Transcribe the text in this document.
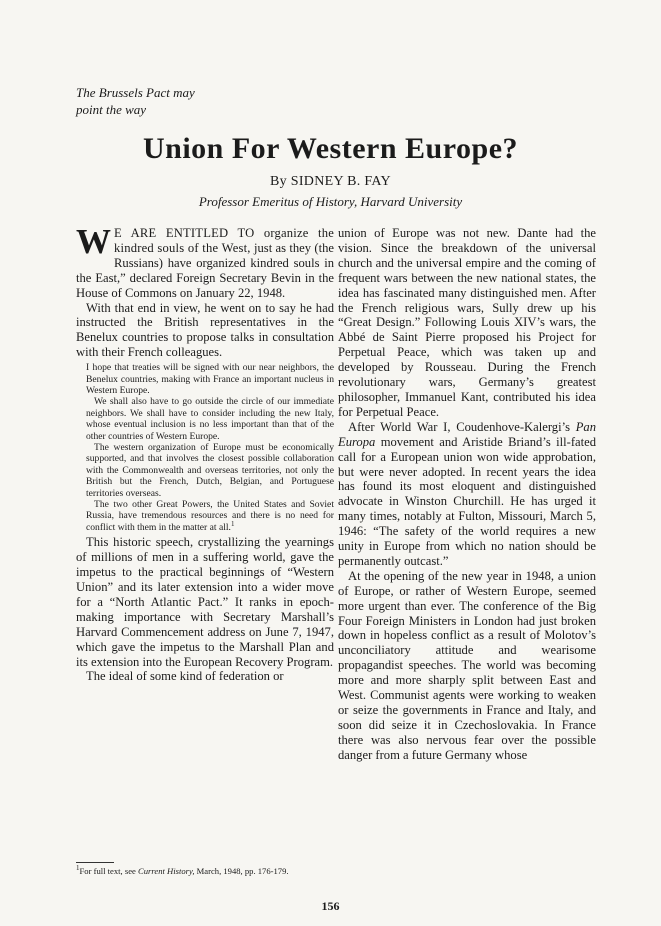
The Brussels Pact may
point the way
Union For Western Europe?
By SIDNEY B. FAY
Professor Emeritus of History, Harvard University

W E ARE ENTITLED TO organize the kindred souls of the West, just as they (the Russians) have organized kindred souls in the East,” declared Foreign Secretary Bevin in the House of Commons on January 22, 1948.

With that end in view, he went on to say he had instructed the British representatives in the Benelux countries to propose talks in consultation with their French colleagues.

I hope that treaties will be signed with our near neighbors, the Benelux countries, making with France an important nucleus in Western Europe.

We shall also have to go outside the circle of our immediate neighbors. We shall have to consider including the new Italy, whose eventual inclusion is no less important than that of the other countries of Western Europe.

The western organization of Europe must be economically supported, and that involves the closest possible collaboration with the Commonwealth and overseas territories, not only the British but the French, Dutch, Belgian, and Portuguese territories overseas.

The two other Great Powers, the United States and Soviet Russia, have tremendous resources and there is no need for conflict with them in the matter at all.$^1$

This historic speech, crystallizing the yearnings of millions of men in a suffering world, gave the impetus to the practical beginnings of “Western Union” and its later extension into a wider move for a “North Atlantic Pact.” It ranks in epoch-making importance with Secretary Marshall’s Harvard Commencement address on June 7, 1947, which gave the impetus to the Marshall Plan and its extension into the European Recovery Program.

The ideal of some kind of federation or

union of Europe was not new. Dante had the vision. Since the breakdown of the universal church and the universal empire and the coming of frequent wars between the new national states, the idea has fascinated many distinguished men. After the French religious wars, Sully drew up his “Great Design.” Following Louis XIV’s wars, the Abbé de Saint Pierre proposed his Project for Perpetual Peace, which was taken up and developed by Rousseau. During the French revolutionary wars, Germany’s greatest philosopher, Immanuel Kant, contributed his idea for Perpetual Peace.

After World War I, Coudenhove-Kalergi’s Pan Europa movement and Aristide Briand’s ill-fated call for a European union won wide approbation, but were never adopted. In recent years the idea has found its most eloquent and distinguished advocate in Winston Churchill. He has urged it many times, notably at Fulton, Missouri, March 5, 1946: “The safety of the world requires a new unity in Europe from which no nation should be permanently outcast.”

At the opening of the new year in 1948, a union of Europe, or rather of Western Europe, seemed more urgent than ever. The conference of the Big Four Foreign Ministers in London had just broken down in hopeless conflict as a result of Molotov’s unconciliatory attitude and wearisome propagandist speeches. The world was becoming more and more sharply split between East and West. Communist agents were working to weaken or seize the governments in France and Italy, and soon did seize it in Czechoslovakia. In France there was also nervous fear over the possible danger from a future Germany whose

$^1$For full text, see Current History, March, 1948, pp. 176-179.
156
